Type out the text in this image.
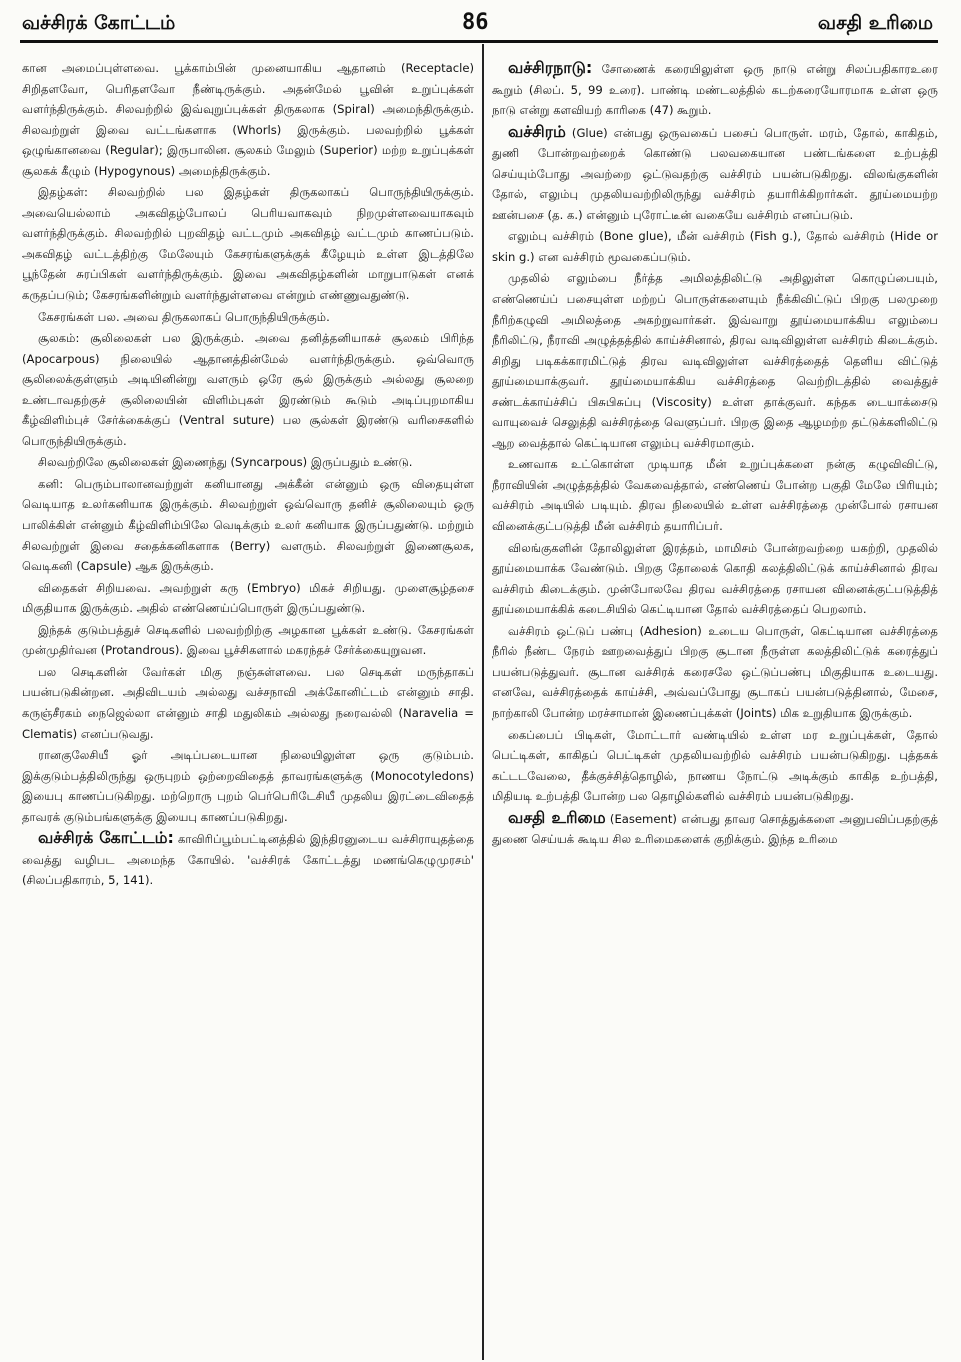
வச்சிரக் கோட்டம்	86	வசதி உரிமை

கான அமைப்புள்ளவை. பூக்காம்பின் முனையாகிய ஆதானம் (Receptacle) சிறிதளவோ, பெரிதளவோ நீண்டிருக்கும். அதன்மேல் பூவின் உறுப்புக்கள் வளர்ந்திருக்கும். சிலவற்றில் இவ்வுறுப்புக்கள் திருகலாக (Spiral) அமைந்திருக்கும். சிலவற்றுள் இவை வட்டங்களாக (Whorls) இருக்கும். பலவற்றில் பூக்கள் ஒழுங்கானவை (Regular); இருபாலின. சூலகம் மேலும் (Superior) மற்ற உறுப்புக்கள் சூலகக் கீழும் (Hypogynous) அமைந்திருக்கும்.

இதழ்கள்: சிலவற்றில் பல இதழ்கள் திருகலாகப் பொருந்தியிருக்கும். அவையெல்லாம் அகவிதழ்போலப் பெரியவாகவும் நிறமுள்ளவையாகவும் வளர்ந்திருக்கும். சிலவற்றில் புறவிதழ் வட்டமும் அகவிதழ் வட்டமும் காணப்படும். அகவிதழ் வட்டத்திற்கு மேலேயும் கேசரங்களுக்குக் கீழேயும் உள்ள இடத்திலே பூந்தேன் சுரப்பிகள் வளர்ந்திருக்கும். இவை அகவிதழ்களின் மாறுபாடுகள் எனக் கருதப்படும்; கேசரங்களின்றும் வளர்ந்துள்ளவை என்றும் எண்ணுவதுண்டு.

கேசரங்கள் பல. அவை திருகலாகப் பொருந்தியிருக்கும்.

சூலகம்: சூலிலைகள் பல இருக்கும். அவை தனித்தனியாகச் சூலகம் பிரிந்த (Apocarpous) நிலையில் ஆதானத்தின்மேல் வளர்ந்திருக்கும். ஒவ்வொரு சூலிலைக்குள்ளும் அடியினின்று வளரும் ஒரே சூல் இருக்கும் அல்லது சூலறை உண்டாவதற்குச் சூலிலையின் விளிம்புகள் இரண்டும் கூடும் அடிப்புறமாகிய கீழ்விளிம்புச் சேர்க்கைக்குப் (Ventral suture) பல சூல்கள் இரண்டு வரிசைகளில் பொருந்தியிருக்கும்.

சிலவற்றிலே சூலிலைகள் இணைந்து (Syncarpous) இருப்பதும் உண்டு.

கனி: பெரும்பாலானவற்றுள் கனியானது அக்கீன் என்னும் ஒரு விதையுள்ள வெடியாத உலர்கனியாக இருக்கும். சிலவற்றுள் ஒவ்வொரு தனிச் சூலிலையும் ஒரு பாலிக்கிள் என்னும் கீழ்விளிம்பிலே வெடிக்கும் உலர் கனியாக இருப்பதுண்டு. மற்றும் சிலவற்றுள் இவை சதைக்கனிகளாக (Berry) வளரும். சிலவற்றுள் இணைசூலக, வெடிகனி (Capsule) ஆக இருக்கும்.

விதைகள் சிறியவை. அவற்றுள் கரு (Embryo) மிகச் சிறியது. முளைசூழ்தசை மிகுதியாக இருக்கும். அதில் எண்ணெய்ப்பொருள் இருப்பதுண்டு.

இந்தக் குடும்பத்துச் செடிகளில் பலவற்றிற்கு அழகான பூக்கள் உண்டு. கேசரங்கள் முன்முதிர்வன (Protandrous). இவை பூச்சிகளால் மகரந்தச் சேர்க்கையுறுவன.

பல செடிகளின் வேர்கள் மிகு நஞ்சுள்ளவை. பல செடிகள் மருந்தாகப் பயன்படுகின்றன. அதிவிடயம் அல்லது வச்சநாவி அக்கோனிட்டம் என்னும் சாதி. கருஞ்சீரகம் நைஜெல்லா என்னும் சாதி மதுலிகம் அல்லது நரைவல்லி (Naravelia = Clematis) எனப்படுவது.

ரானகுலேசியீ ஓர் அடிப்படையான நிலையிலுள்ள ஒரு குடும்பம். இக்குடும்பத்திலிருந்து ஒருபுறம் ஒற்றைவிதைத் தாவரங்களுக்கு (Monocotyledons) இயைபு காணப்படுகிறது. மற்றொரு புறம் பெர்பெரிடேசியீ முதலிய இரட்டைவிதைத் தாவரக் குடும்பங்களுக்கு இயைபு காணப்படுகிறது.

வச்சிரக் கோட்டம்: காவிரிப்பூம்பட்டினத்தில் இந்திரனுடைய வச்சிராயுதத்தை வைத்து வழிபட அமைந்த கோயில். 'வச்சிரக் கோட்டத்து மணங்கெழுமுரசம்' (சிலப்பதிகாரம், 5, 141).

வச்சிரநாடு: சோணைக் கரையிலுள்ள ஒரு நாடு என்று சிலப்பதிகாரஉரை கூறும் (சிலப். 5, 99 உரை). பாண்டி மண்டலத்தில் கடற்கரையோரமாக உள்ள ஒரு நாடு என்று களவியற் காரிகை (47) கூறும்.

வச்சிரம் (Glue) என்பது ஒருவகைப் பசைப் பொருள். மரம், தோல், காகிதம், துணி போன்றவற்றைக் கொண்டு பலவகையான பண்டங்களை உற்பத்தி செய்யும்போது அவற்றை ஒட்டுவதற்கு வச்சிரம் பயன்படுகிறது. விலங்குகளின் தோல், எலும்பு முதலியவற்றிலிருந்து வச்சிரம் தயாரிக்கிறார்கள். தூய்மையற்ற ஊன்பசை (த. க.) என்னும் புரோட்டீன் வகையே வச்சிரம் எனப்படும்.

எலும்பு வச்சிரம் (Bone glue), மீன் வச்சிரம் (Fish g.), தோல் வச்சிரம் (Hide or skin g.) என வச்சிரம் மூவகைப்படும்.

முதலில் எலும்பை நீர்த்த அமிலத்திலிட்டு அதிலுள்ள கொழுப்பையும், எண்ணெய்ப் பசையுள்ள மற்றப் பொருள்களையும் நீக்கிவிட்டுப் பிறகு பலமுறை நீரிற்கழுவி அமிலத்தை அகற்றுவார்கள். இவ்வாறு தூய்மையாக்கிய எலும்பை நீரிலிட்டு, நீராவி அழுத்தத்தில் காய்ச்சினால், திரவ வடிவிலுள்ள வச்சிரம் கிடைக்கும். சிறிது படிகக்காரமிட்டுத் திரவ வடிவிலுள்ள வச்சிரத்தைத் தெளிய விட்டுத் தூய்மையாக்குவர். தூய்மையாக்கிய வச்சிரத்தை வெற்றிடத்தில் வைத்துச் சண்டக்காய்ச்சிப் பிசுபிசுப்பு (Viscosity) உள்ள தாக்குவர். கந்தக டையாக்சைடு வாயுவைச் செலுத்தி வச்சிரத்தை வெளுப்பர். பிறகு இதை ஆழமற்ற தட்டுக்களிலிட்டு ஆற வைத்தால் கெட்டியான எலும்பு வச்சிரமாகும்.

உணவாக உட்கொள்ள முடியாத மீன் உறுப்புக்களை நன்கு கழுவிவிட்டு, நீராவியின் அழுத்தத்தில் வேகவைத்தால், எண்ணெய் போன்ற பகுதி மேலே பிரியும்; வச்சிரம் அடியில் படியும். திரவ நிலையில் உள்ள வச்சிரத்தை முன்போல் ரசாயன வினைக்குட்படுத்தி மீன் வச்சிரம் தயாரிப்பர்.

விலங்குகளின் தோலிலுள்ள இரத்தம், மாமிசம் போன்றவற்றை யகற்றி, முதலில் தூய்மையாக்க வேண்டும். பிறகு தோலைக் கொதி கலத்திலிட்டுக் காய்ச்சினால் திரவ வச்சிரம் கிடைக்கும். முன்போலவே திரவ வச்சிரத்தை ரசாயன வினைக்குட்படுத்தித் தூய்மையாக்கிக் கடைசியில் கெட்டியான தோல் வச்சிரத்தைப் பெறலாம்.

வச்சிரம் ஒட்டுப் பண்பு (Adhesion) உடைய பொருள், கெட்டியான வச்சிரத்தை நீரில் நீண்ட நேரம் ஊறவைத்துப் பிறகு சூடான நீருள்ள கலத்திலிட்டுக் கரைத்துப் பயன்படுத்துவர். சூடான வச்சிரக் கரைசலே ஒட்டுப்பண்பு மிகுதியாக உடையது. எனவே, வச்சிரத்தைக் காய்ச்சி, அவ்வப்போது சூடாகப் பயன்படுத்தினால், மேசை, நாற்காலி போன்ற மரச்சாமான் இணைப்புக்கள் (Joints) மிக உறுதியாக இருக்கும்.

கைப்பைப் பிடிகள், மோட்டார் வண்டியில் உள்ள மர உறுப்புக்கள், தோல் பெட்டிகள், காகிதப் பெட்டிகள் முதலியவற்றில் வச்சிரம் பயன்படுகிறது. புத்தகக் கட்டடவேலை, தீக்குச்சித்தொழில், நாணய நோட்டு அடிக்கும் காகித உற்பத்தி, மிதியடி உற்பத்தி போன்ற பல தொழில்களில் வச்சிரம் பயன்படுகிறது.

வசதி உரிமை (Easement) என்பது தாவர சொத்துக்களை அனுபவிப்பதற்குத் துணை செய்யக் கூடிய சில உரிமைகளைக் குறிக்கும். இந்த உரிமை
